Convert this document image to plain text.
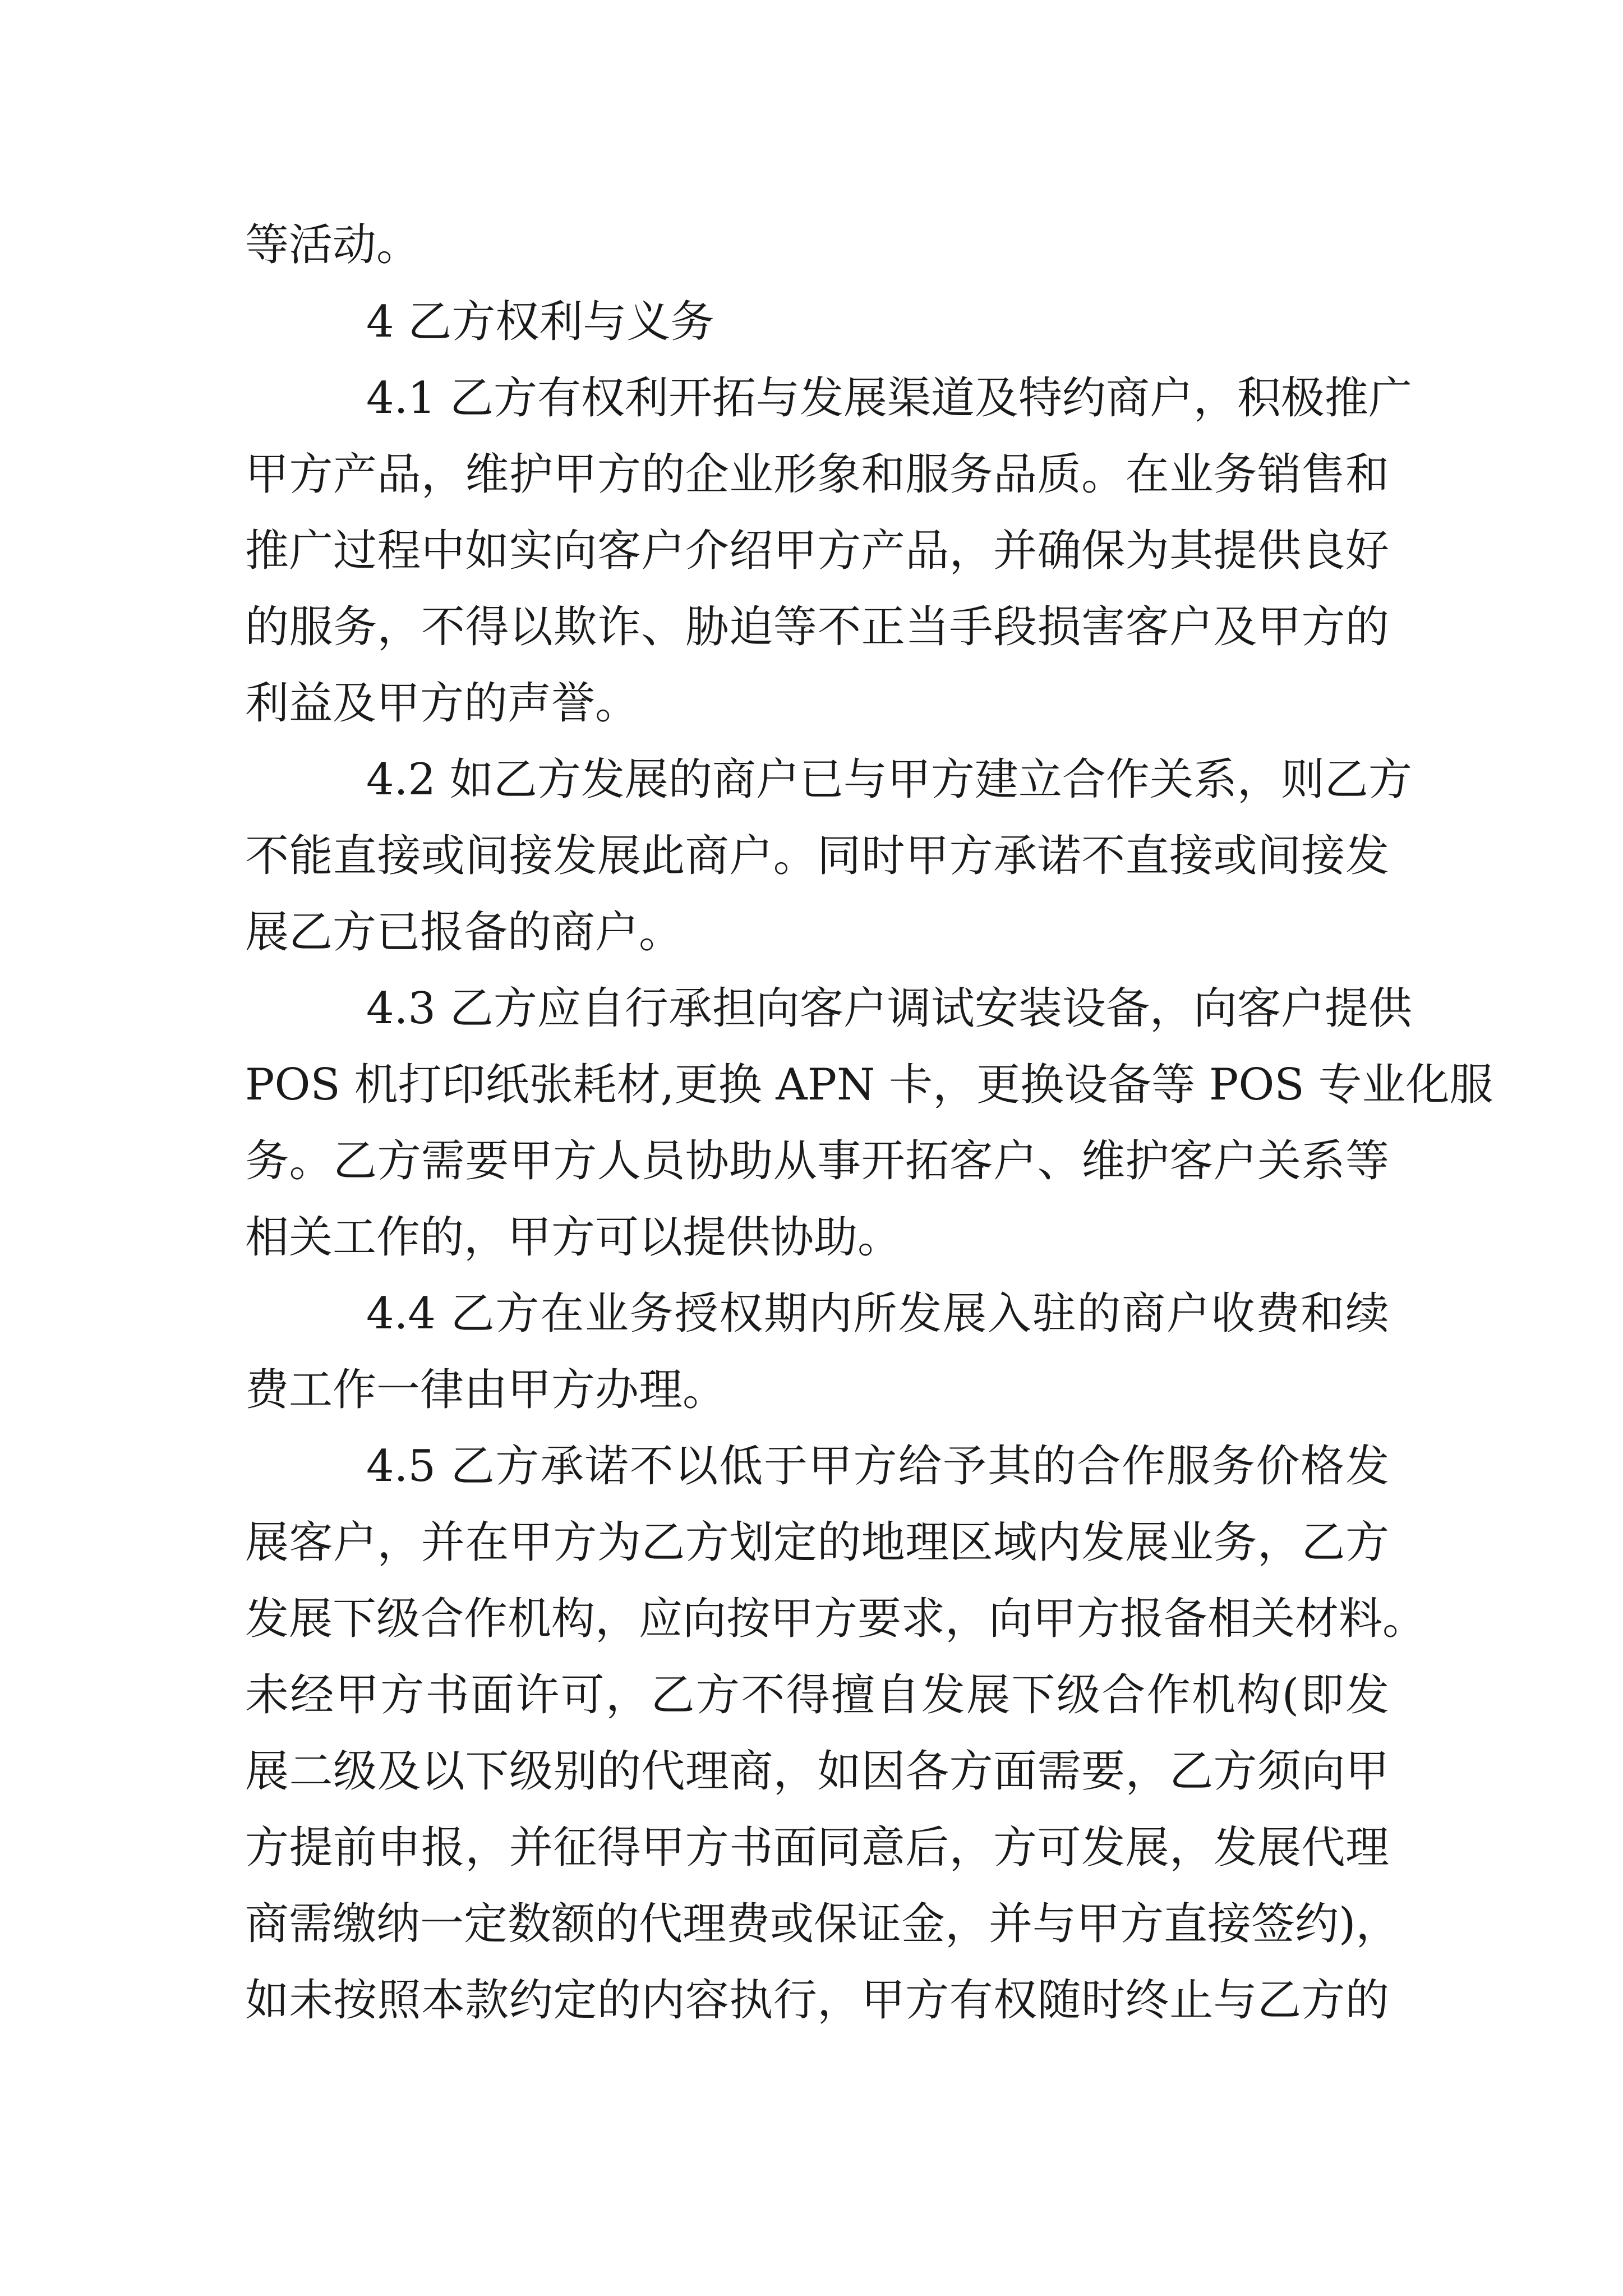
等活动。
4 乙方权利与义务
4.1 乙方有权利开拓与发展渠道及特约商户，积极推广
甲方产品，维护甲方的企业形象和服务品质。在业务销售和
推广过程中如实向客户介绍甲方产品，并确保为其提供良好
的服务，不得以欺诈、胁迫等不正当手段损害客户及甲方的
利益及甲方的声誉。
4.2 如乙方发展的商户已与甲方建立合作关系，则乙方
不能直接或间接发展此商户。同时甲方承诺不直接或间接发
展乙方已报备的商户。
4.3 乙方应自行承担向客户调试安装设备，向客户提供
POS 机打印纸张耗材,更换 APN 卡，更换设备等 POS 专业化服
务。乙方需要甲方人员协助从事开拓客户、维护客户关系等
相关工作的，甲方可以提供协助。
4.4 乙方在业务授权期内所发展入驻的商户收费和续
费工作一律由甲方办理。
4.5 乙方承诺不以低于甲方给予其的合作服务价格发
展客户，并在甲方为乙方划定的地理区域内发展业务，乙方
发展下级合作机构，应向按甲方要求，向甲方报备相关材料。
未经甲方书面许可，乙方不得擅自发展下级合作机构(即发
展二级及以下级别的代理商，如因各方面需要，乙方须向甲
方提前申报，并征得甲方书面同意后，方可发展，发展代理
商需缴纳一定数额的代理费或保证金，并与甲方直接签约)，
如未按照本款约定的内容执行，甲方有权随时终止与乙方的
